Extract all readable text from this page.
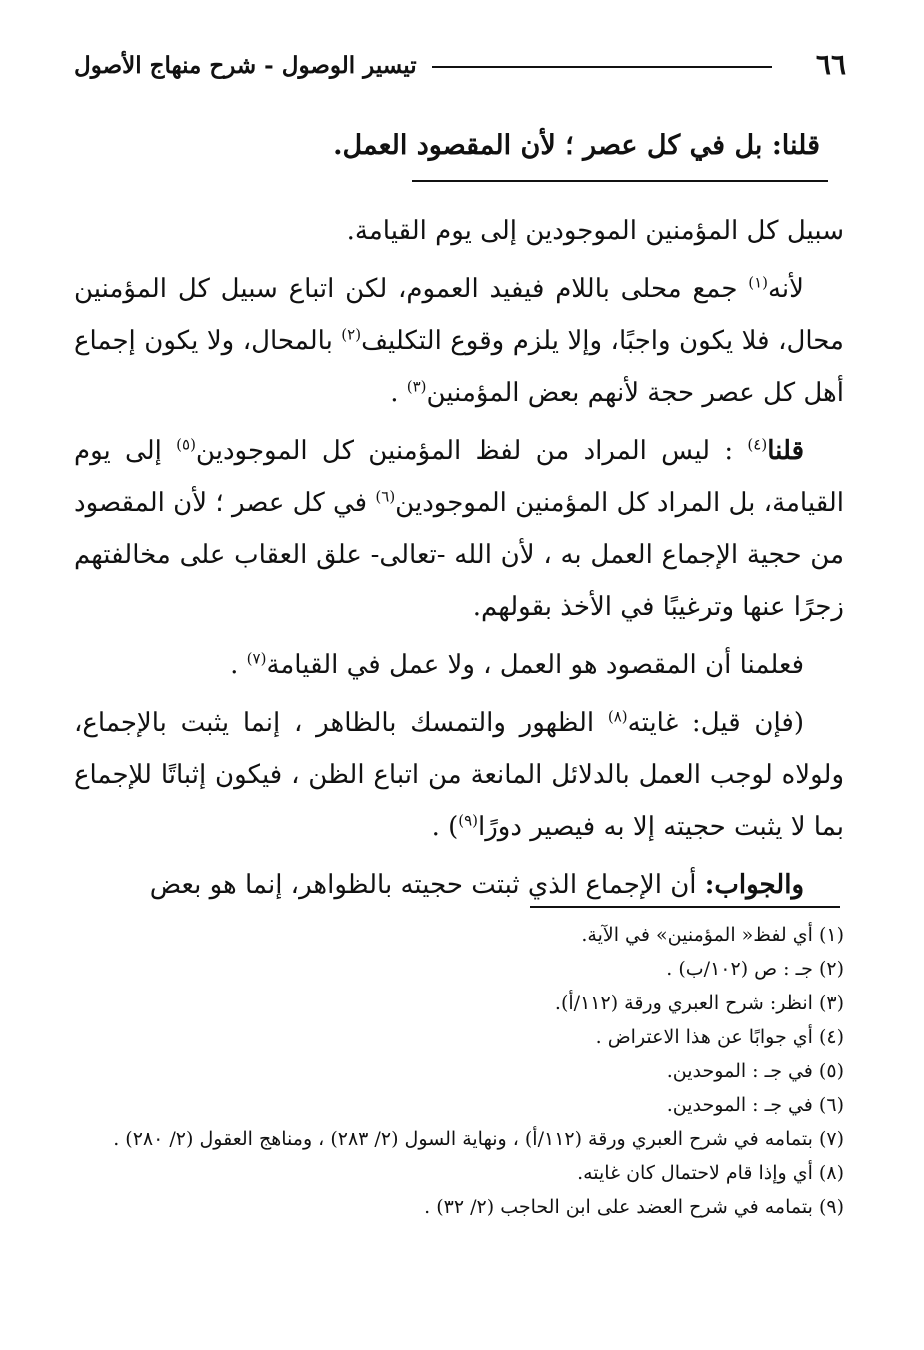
٦٦
تيسير الوصول - شرح منهاج الأصول
قلنا: بل في كل عصر ؛ لأن المقصود العمل.

سبيل كل المؤمنين الموجودين إلى يوم القيامة.

لأنه$^{(١)}$ جمع محلى باللام فيفيد العموم، لكن اتباع سبيل كل المؤمنين محال، فلا يكون واجبًا، وإلا يلزم وقوع التكليف$^{(٢)}$ بالمحال، ولا يكون إجماع أهل كل عصر حجة لأنهم بعض المؤمنين$^{(٣)}$ .

قلنا$^{(٤)}$ : ليس المراد من لفظ المؤمنين كل الموجودين$^{(٥)}$ إلى يوم القيامة، بل المراد كل المؤمنين الموجودين$^{(٦)}$ في كل عصر ؛ لأن المقصود من حجية الإجماع العمل به ، لأن الله -تعالى- علق العقاب على مخالفتهم زجرًا عنها وترغيبًا في الأخذ بقولهم.

فعلمنا أن المقصود هو العمل ، ولا عمل في القيامة$^{(٧)}$ .

(فإن قيل: غايته$^{(٨)}$ الظهور والتمسك بالظاهر ، إنما يثبت بالإجماع، ولولاه لوجب العمل بالدلائل المانعة من اتباع الظن ، فيكون إثباتًا للإجماع بما لا يثبت حجيته إلا به فيصير دورًا$^{(٩)}$) .

والجواب: أن الإجماع الذي ثبتت حجيته بالظواهر، إنما هو بعض

(١) أي لفظ« المؤمنين» في الآية.
(٢) جـ : ص (١٠٢/ب) .
(٣) انظر: شرح العبري ورقة (١١٢/أ).
(٤) أي جوابًا عن هذا الاعتراض .
(٥) في جـ : الموحدين.
(٦) في جـ : الموحدين.
(٧) بتمامه في شرح العبري ورقة (١١٢/أ) ، ونهاية السول (٢/ ٢٨٣) ، ومناهج العقول (٢/ ٢٨٠) .
(٨) أي وإذا قام لاحتمال كان غايته.
(٩) بتمامه في شرح العضد على ابن الحاجب (٢/ ٣٢) .
